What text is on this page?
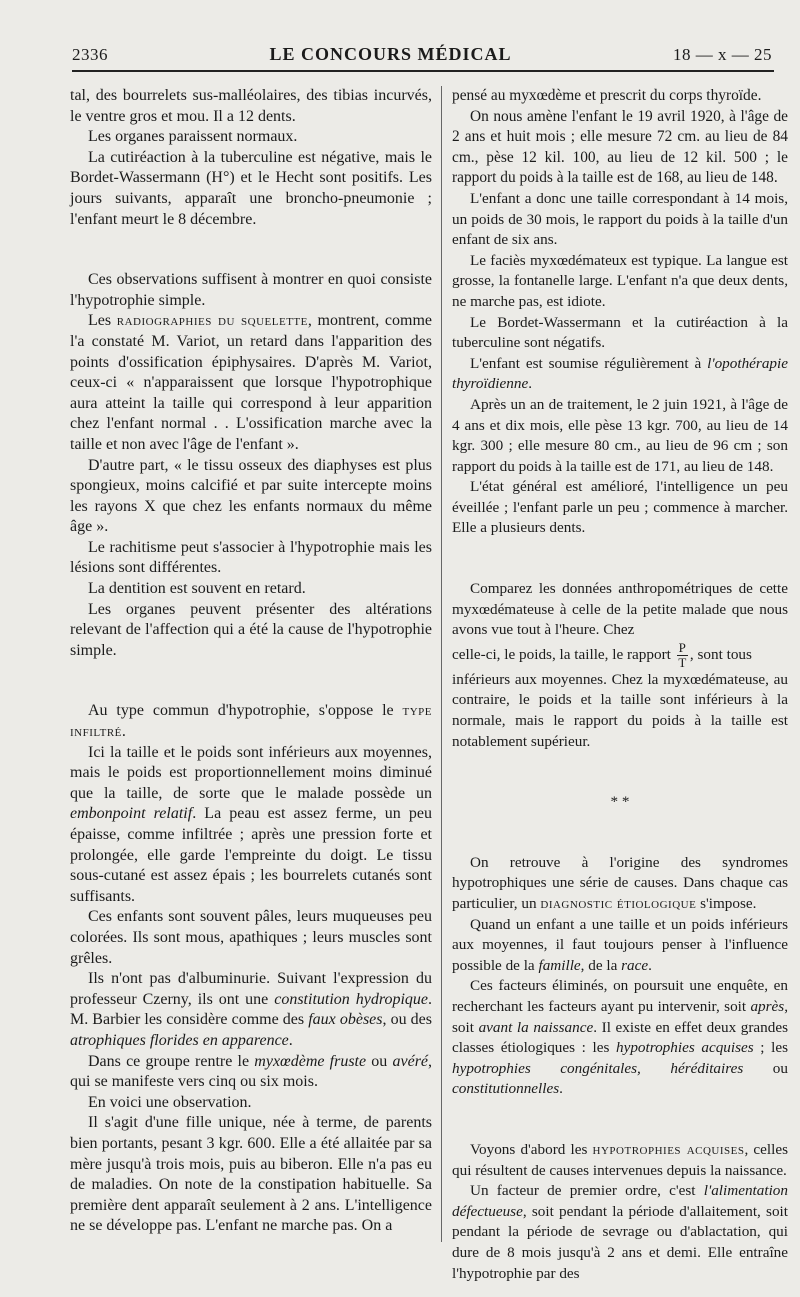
2336	LE CONCOURS MÉDICAL	18 — x — 25

tal, des bourrelets sus-malléolaires, des tibias incurvés, le ventre gros et mou. Il a 12 dents.

Les organes paraissent normaux.

La cutiréaction à la tuberculine est négative, mais le Bordet-Wassermann (H°) et le Hecht sont positifs. Les jours suivants, apparaît une broncho-pneumonie ; l'enfant meurt le 8 décembre.

Ces observations suffisent à montrer en quoi consiste l'hypotrophie simple.

Les radiographies du squelette, montrent, comme l'a constaté M. Variot, un retard dans l'apparition des points d'ossification épiphysaires. D'après M. Variot, ceux-ci « n'apparaissent que lorsque l'hypotrophique aura atteint la taille qui correspond à leur apparition chez l'enfant normal . . L'ossification marche avec la taille et non avec l'âge de l'enfant ».

D'autre part, « le tissu osseux des diaphyses est plus spongieux, moins calcifié et par suite intercepte moins les rayons X que chez les enfants normaux du même âge ».

Le rachitisme peut s'associer à l'hypotrophie mais les lésions sont différentes.

La dentition est souvent en retard.

Les organes peuvent présenter des altérations relevant de l'affection qui a été la cause de l'hypotrophie simple.

Au type commun d'hypotrophie, s'oppose le type infiltré.

Ici la taille et le poids sont inférieurs aux moyennes, mais le poids est proportionnellement moins diminué que la taille, de sorte que le malade possède un embonpoint relatif. La peau est assez ferme, un peu épaisse, comme infiltrée ; après une pression forte et prolongée, elle garde l'empreinte du doigt. Le tissu sous-cutané est assez épais ; les bourrelets cutanés sont suffisants.

Ces enfants sont souvent pâles, leurs muqueuses peu colorées. Ils sont mous, apathiques ; leurs muscles sont grêles.

Ils n'ont pas d'albuminurie. Suivant l'expression du professeur Czerny, ils ont une constitution hydropique. M. Barbier les considère comme des faux obèses, ou des atrophiques florides en apparence.

Dans ce groupe rentre le myxœdème fruste ou avéré, qui se manifeste vers cinq ou six mois.

En voici une observation.

Il s'agit d'une fille unique, née à terme, de parents bien portants, pesant 3 kgr. 600. Elle a été allaitée par sa mère jusqu'à trois mois, puis au biberon. Elle n'a pas eu de maladies. On note de la constipation habituelle. Sa première dent apparaît seulement à 2 ans. L'intelligence ne se développe pas. L'enfant ne marche pas. On a

pensé au myxœdème et prescrit du corps thyroïde.

On nous amène l'enfant le 19 avril 1920, à l'âge de 2 ans et huit mois ; elle mesure 72 cm. au lieu de 84 cm., pèse 12 kil. 100, au lieu de 12 kil. 500 ; le rapport du poids à la taille est de 168, au lieu de 148.

L'enfant a donc une taille correspondant à 14 mois, un poids de 30 mois, le rapport du poids à la taille d'un enfant de six ans.

Le faciès myxœdémateux est typique. La langue est grosse, la fontanelle large. L'enfant n'a que deux dents, ne marche pas, est idiote.

Le Bordet-Wassermann et la cutiréaction à la tuberculine sont négatifs.

L'enfant est soumise régulièrement à l'opothérapie thyroïdienne.

Après un an de traitement, le 2 juin 1921, à l'âge de 4 ans et dix mois, elle pèse 13 kgr. 700, au lieu de 14 kgr. 300 ; elle mesure 80 cm., au lieu de 96 cm ; son rapport du poids à la taille est de 171, au lieu de 148.

L'état général est amélioré, l'intelligence un peu éveillée ; l'enfant parle un peu ; commence à marcher. Elle a plusieurs dents.

Comparez les données anthropométriques de cette myxœdémateuse à celle de la petite malade que nous avons vue tout à l'heure. Chez

celle-ci, le poids, la taille, le rapport $\frac{P}{T}$ , sont tous

inférieurs aux moyennes. Chez la myxœdémateuse, au contraire, le poids et la taille sont inférieurs à la normale, mais le rapport du poids à la taille est notablement supérieur.

* *

On retrouve à l'origine des syndromes hypotrophiques une série de causes. Dans chaque cas particulier, un diagnostic étiologique s'impose.

Quand un enfant a une taille et un poids inférieurs aux moyennes, il faut toujours penser à l'influence possible de la famille, de la race.

Ces facteurs éliminés, on poursuit une enquête, en recherchant les facteurs ayant pu intervenir, soit après, soit avant la naissance. Il existe en effet deux grandes classes étiologiques : les hypotrophies acquises ; les hypotrophies congénitales, héréditaires ou constitutionnelles.

Voyons d'abord les hypotrophies acquises, celles qui résultent de causes intervenues depuis la naissance.

Un facteur de premier ordre, c'est l'alimentation défectueuse, soit pendant la période d'allaitement, soit pendant la période de sevrage ou d'ablactation, qui dure de 8 mois jusqu'à 2 ans et demi. Elle entraîne l'hypotrophie par des
